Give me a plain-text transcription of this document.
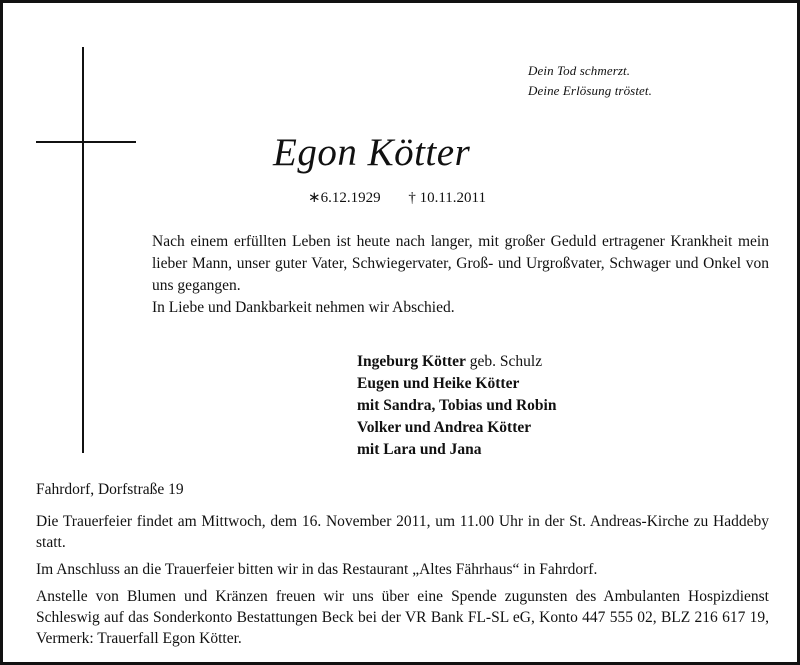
Dein Tod schmerzt.
Deine Erlösung tröstet.
Egon Kötter
∗6.12.1929 † 10.11.2011

Nach einem erfüllten Leben ist heute nach langer, mit großer Geduld ertragener Krankheit mein lieber Mann, unser guter Vater, Schwiegervater, Groß- und Urgroßvater, Schwager und Onkel von uns gegangen.

In Liebe und Dankbarkeit nehmen wir Abschied.

Ingeburg Kötter geb. Schulz
Eugen und Heike Kötter
mit Sandra, Tobias und Robin
Volker und Andrea Kötter
mit Lara und Jana
Fahrdorf, Dorfstraße 19

Die Trauerfeier findet am Mittwoch, dem 16. November 2011, um 11.00 Uhr in der St. Andreas-Kirche zu Haddeby statt.

Im Anschluss an die Trauerfeier bitten wir in das Restaurant „Altes Fährhaus“ in Fahrdorf.

Anstelle von Blumen und Kränzen freuen wir uns über eine Spende zugunsten des Ambulanten Hospizdienst Schleswig auf das Sonderkonto Bestattungen Beck bei der VR Bank FL-SL eG, Konto 447 555 02, BLZ 216 617 19, Vermerk: Trauerfall Egon Kötter.
